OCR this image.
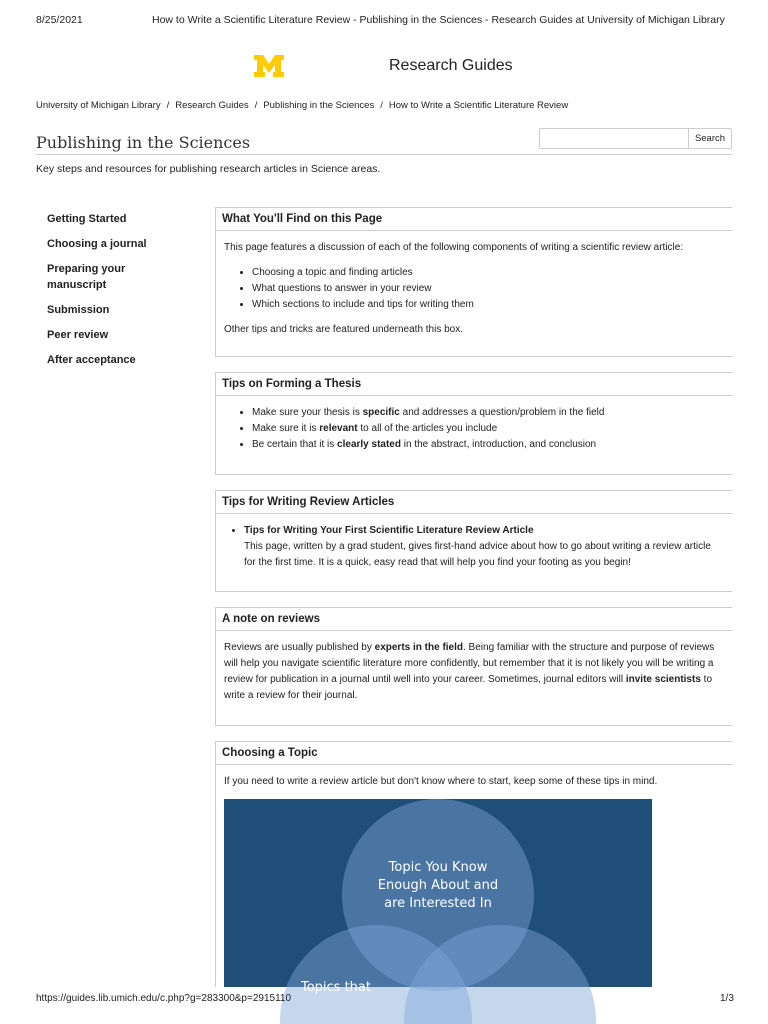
8/25/2021	How to Write a Scientific Literature Review - Publishing in the Sciences - Research Guides at University of Michigan Library
Research Guides
University of Michigan Library / Research Guides / Publishing in the Sciences / How to Write a Scientific Literature Review
Publishing in the Sciences	Search
Key steps and resources for publishing research articles in Science areas.
Getting Started
Choosing a journal
Preparing your manuscript
Submission
Peer review
After acceptance
What You'll Find on this Page

This page features a discussion of each of the following components of writing a scientific review article:

• Choosing a topic and finding articles
• What questions to answer in your review
• Which sections to include and tips for writing them

Other tips and tricks are featured underneath this box.

Tips on Forming a Thesis
• Make sure your thesis is specific and addresses a question/problem in the field
• Make sure it is relevant to all of the articles you include
• Be certain that it is clearly stated in the abstract, introduction, and conclusion
Tips for Writing Review Articles
• Tips for Writing Your First Scientific Literature Review Article
This page, written by a grad student, gives first-hand advice about how to go about writing a review article for the first time. It is a quick, easy read that will help you find your footing as you begin!
A note on reviews

Reviews are usually published by experts in the field. Being familiar with the structure and purpose of reviews will help you navigate scientific literature more confidently, but remember that it is not likely you will be writing a review for publication in a journal until well into your career. Sometimes, journal editors will invite scientists to write a review for their journal.

Choosing a Topic

If you need to write a review article but don't know where to start, keep some of these tips in mind.

Topic You Know
Enough About and
are Interested In
Topics that
https://guides.lib.umich.edu/c.php?g=283300&p=2915110	1/3
